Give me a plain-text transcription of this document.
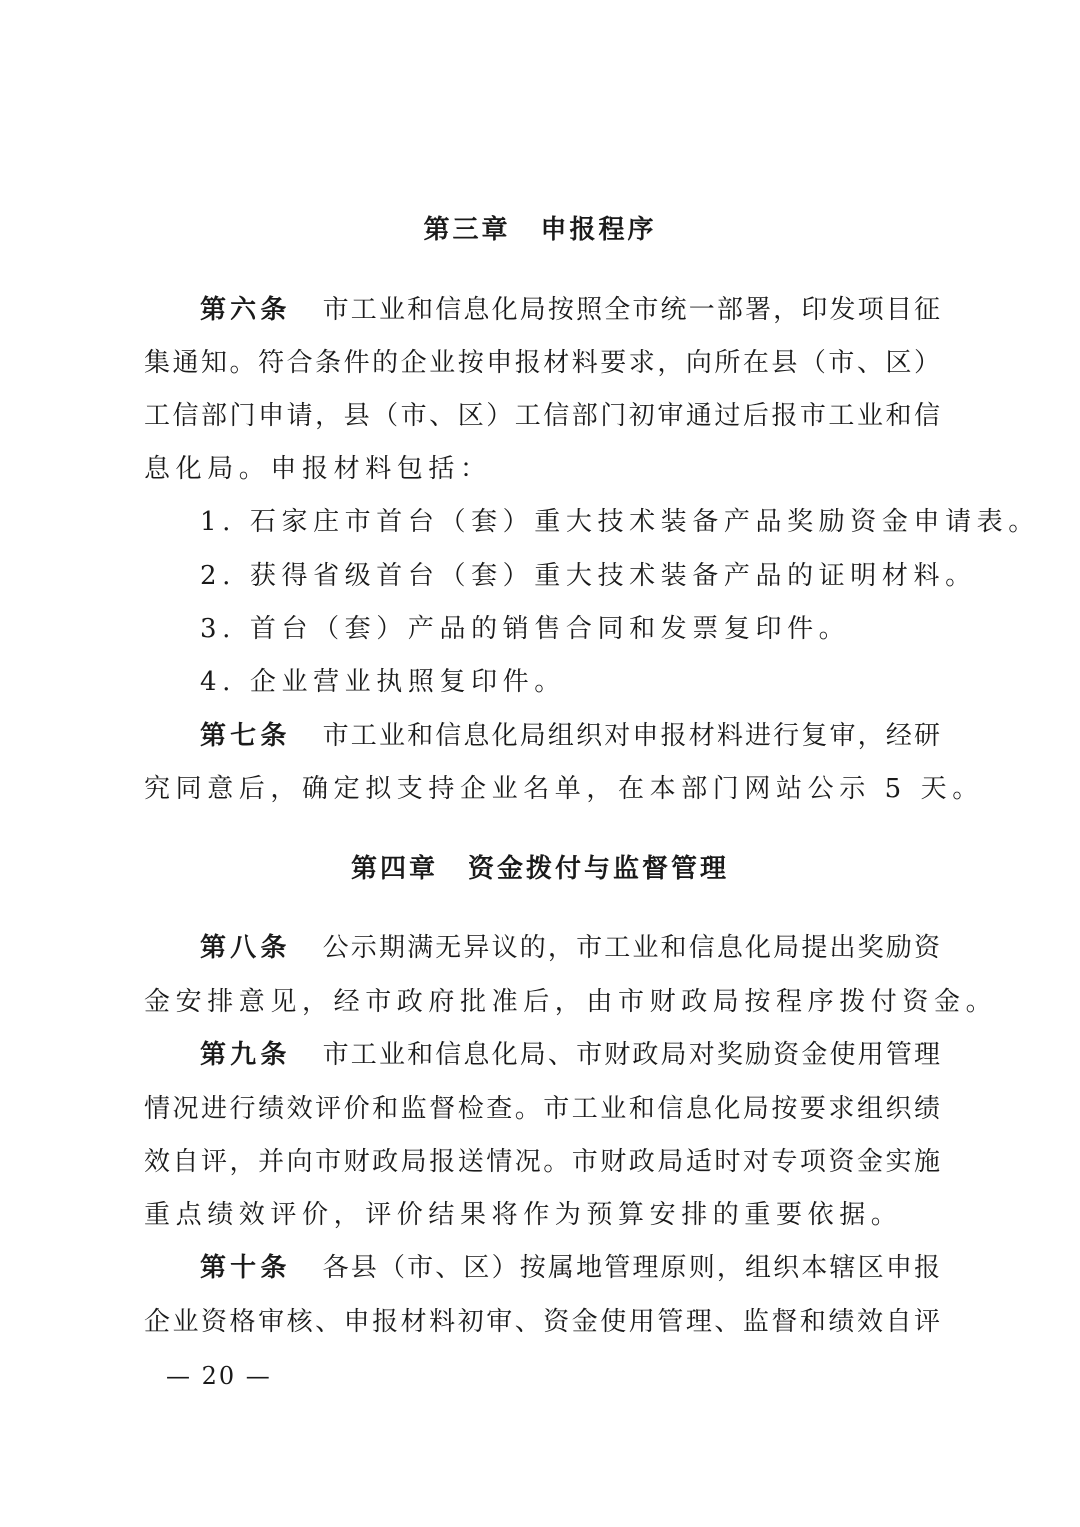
第三章 申报程序
第六条 市工业和信息化局按照全市统一部署，印发项目征
集通知。符合条件的企业按申报材料要求，向所在县（市、区）
工信部门申请，县（市、区）工信部门初审通过后报市工业和信
息化局。申报材料包括：
1. 石家庄市首台（套）重大技术装备产品奖励资金申请表。
2. 获得省级首台（套）重大技术装备产品的证明材料。
3. 首台（套）产品的销售合同和发票复印件。
4. 企业营业执照复印件。
第七条 市工业和信息化局组织对申报材料进行复审，经研
究同意后，确定拟支持企业名单，在本部门网站公示 5 天。
第四章 资金拨付与监督管理
第八条 公示期满无异议的，市工业和信息化局提出奖励资
金安排意见，经市政府批准后，由市财政局按程序拨付资金。
第九条 市工业和信息化局、市财政局对奖励资金使用管理
情况进行绩效评价和监督检查。市工业和信息化局按要求组织绩
效自评，并向市财政局报送情况。市财政局适时对专项资金实施
重点绩效评价，评价结果将作为预算安排的重要依据。
第十条 各县（市、区）按属地管理原则，组织本辖区申报
企业资格审核、申报材料初审、资金使用管理、监督和绩效自评
— 20 —
